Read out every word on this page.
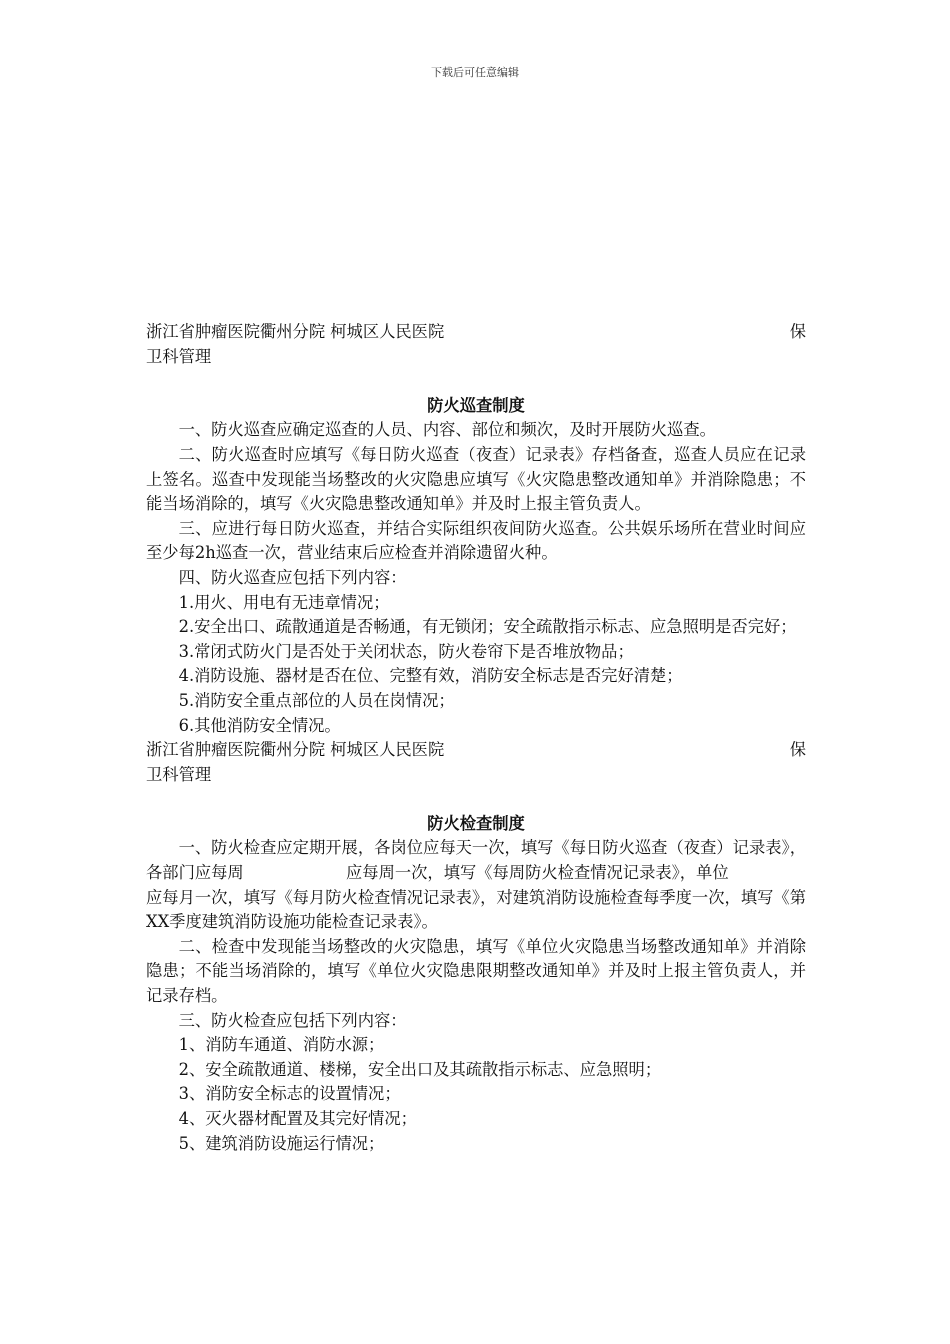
下载后可任意编辑
浙江省肿瘤医院衢州分院 柯城区人民医院	保
卫科管理
防火巡查制度
一、防火巡查应确定巡查的人员、内容、部位和频次，及时开展防火巡查。
二、防火巡查时应填写《每日防火巡查（夜查）记录表》存档备查，巡查人员应在记录上签名。巡查中发现能当场整改的火灾隐患应填写《火灾隐患整改通知单》并消除隐患；不能当场消除的，填写《火灾隐患整改通知单》并及时上报主管负责人。
三、应进行每日防火巡查，并结合实际组织夜间防火巡查。公共娱乐场所在营业时间应至少每2h巡查一次，营业结束后应检查并消除遗留火种。
四、防火巡查应包括下列内容：
1.用火、用电有无违章情况；
2.安全出口、疏散通道是否畅通，有无锁闭；安全疏散指示标志、应急照明是否完好；
3.常闭式防火门是否处于关闭状态，防火卷帘下是否堆放物品；
4.消防设施、器材是否在位、完整有效，消防安全标志是否完好清楚；
5.消防安全重点部位的人员在岗情况；
6.其他消防安全情况。
浙江省肿瘤医院衢州分院 柯城区人民医院	保
卫科管理
防火检查制度
一、防火检查应定期开展，各岗位应每天一次，填写《每日防火巡查（夜查）记录表》，各部门应每周	应每周一次，填写《每周防火检查情况记录表》，单位
应每月一次，填写《每月防火检查情况记录表》，对建筑消防设施检查每季度一次，填写《第XX季度建筑消防设施功能检查记录表》。
二、检查中发现能当场整改的火灾隐患，填写《单位火灾隐患当场整改通知单》并消除隐患；不能当场消除的，填写《单位火灾隐患限期整改通知单》并及时上报主管负责人，并记录存档。
三、防火检查应包括下列内容：
1、消防车通道、消防水源；
2、安全疏散通道、楼梯，安全出口及其疏散指示标志、应急照明；
3、消防安全标志的设置情况；
4、灭火器材配置及其完好情况；
5、建筑消防设施运行情况；
